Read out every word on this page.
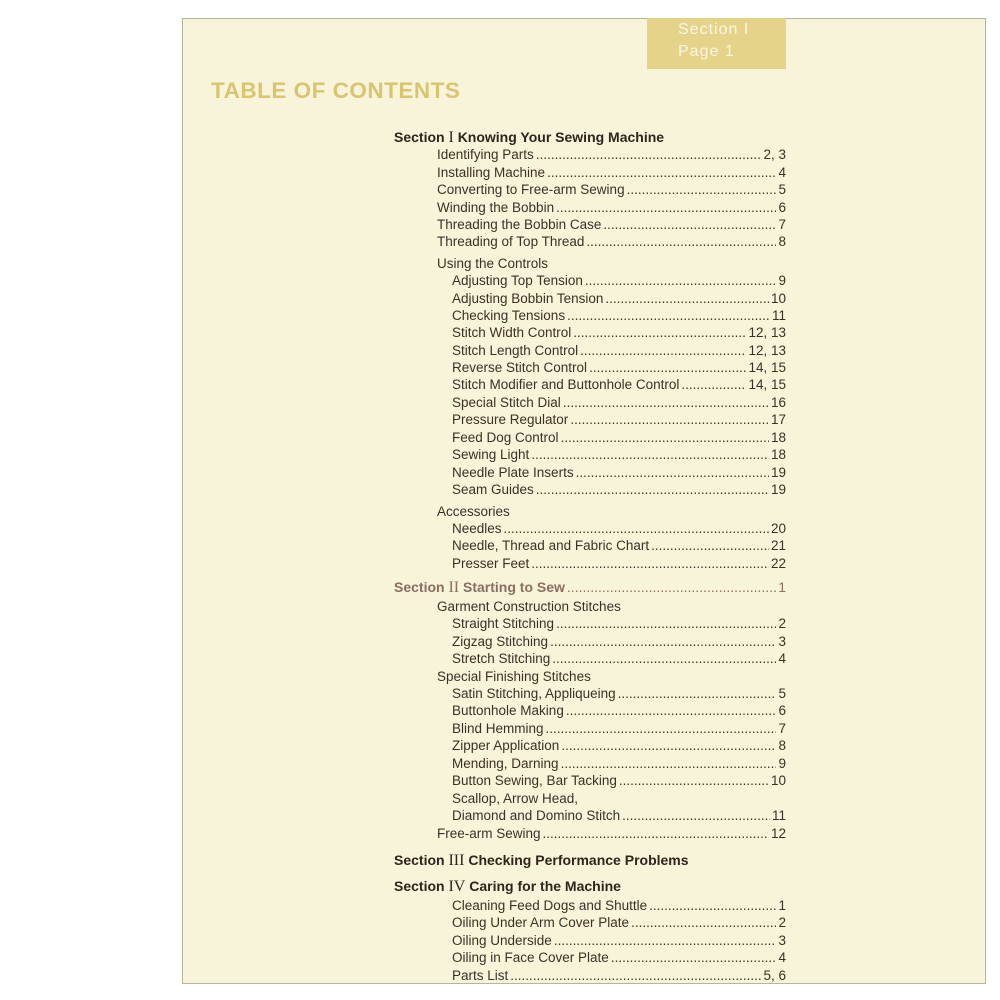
Section I
Page 1
TABLE OF CONTENTS
Section I Knowing Your Sewing Machine
Identifying Parts .....	2, 3
Installing Machine .....	4
Converting to Free-arm Sewing .....	5
Winding the Bobbin .....	6
Threading the Bobbin Case .....	7
Threading of Top Thread .....	8
Using the Controls
Adjusting Top Tension .....	9
Adjusting Bobbin Tension .....	10
Checking Tensions .....	11
Stitch Width Control .....	12, 13
Stitch Length Control .....	12, 13
Reverse Stitch Control .....	14, 15
Stitch Modifier and Buttonhole Control .....	14, 15
Special Stitch Dial .....	16
Pressure Regulator .....	17
Feed Dog Control .....	18
Sewing Light .....	18
Needle Plate Inserts .....	19
Seam Guides .....	19
Accessories
Needles .....	20
Needle, Thread and Fabric Chart .....	21
Presser Feet .....	22
Section II Starting to Sew .....	1
Garment Construction Stitches
Straight Stitching .....	2
Zigzag Stitching .....	3
Stretch Stitching .....	4
Special Finishing Stitches
Satin Stitching, Appliqueing .....	5
Buttonhole Making .....	6
Blind Hemming .....	7
Zipper Application .....	8
Mending, Darning .....	9
Button Sewing, Bar Tacking .....	10
Scallop, Arrow Head,
Diamond and Domino Stitch .....	11
Free-arm Sewing .....	12
Section III Checking Performance Problems
Section IV Caring for the Machine
Cleaning Feed Dogs and Shuttle .....	1
Oiling Under Arm Cover Plate .....	2
Oiling Underside .....	3
Oiling in Face Cover Plate .....	4
Parts List .....	5, 6
